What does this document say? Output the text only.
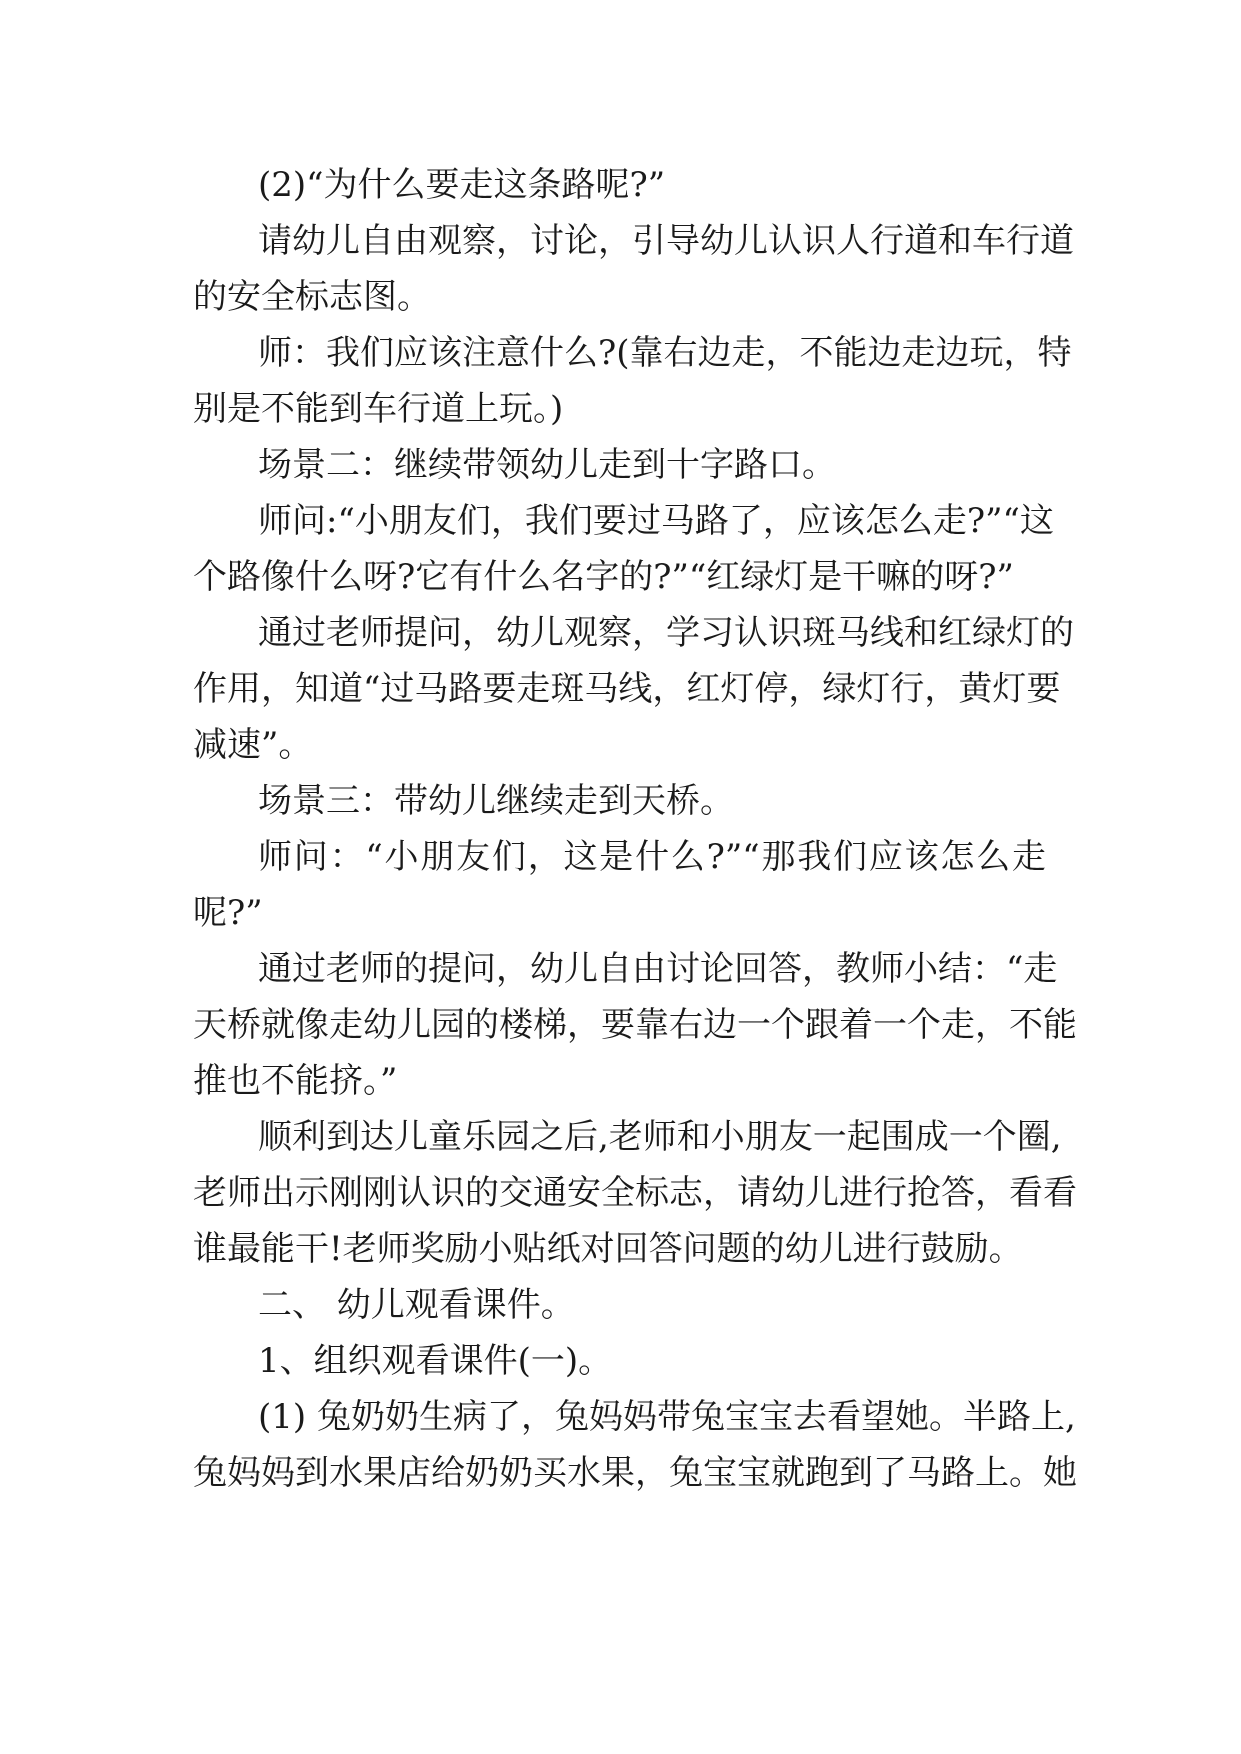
(2)“为什么要走这条路呢?”
请幼儿自由观察，讨论，引导幼儿认识人行道和车行道
的安全标志图。
师：我们应该注意什么?(靠右边走，不能边走边玩，特
别是不能到车行道上玩。)
场景二：继续带领幼儿走到十字路口。
师问:“小朋友们，我们要过马路了，应该怎么走?”“这
个路像什么呀?它有什么名字的?”“红绿灯是干嘛的呀?”
通过老师提问，幼儿观察，学习认识斑马线和红绿灯的
作用，知道“过马路要走斑马线，红灯停，绿灯行，黄灯要
减速”。
场景三：带幼儿继续走到天桥。
师问：“小朋友们，这是什么?”“那我们应该怎么走
呢?”
通过老师的提问，幼儿自由讨论回答，教师小结：“走
天桥就像走幼儿园的楼梯，要靠右边一个跟着一个走，不能
推也不能挤。”
顺利到达儿童乐园之后,老师和小朋友一起围成一个圈,
老师出示刚刚认识的交通安全标志，请幼儿进行抢答，看看
谁最能干!老师奖励小贴纸对回答问题的幼儿进行鼓励。
二、 幼儿观看课件。
1、组织观看课件(一)。
(1) 兔奶奶生病了，兔妈妈带兔宝宝去看望她。半路上,
兔妈妈到水果店给奶奶买水果，兔宝宝就跑到了马路上。她
